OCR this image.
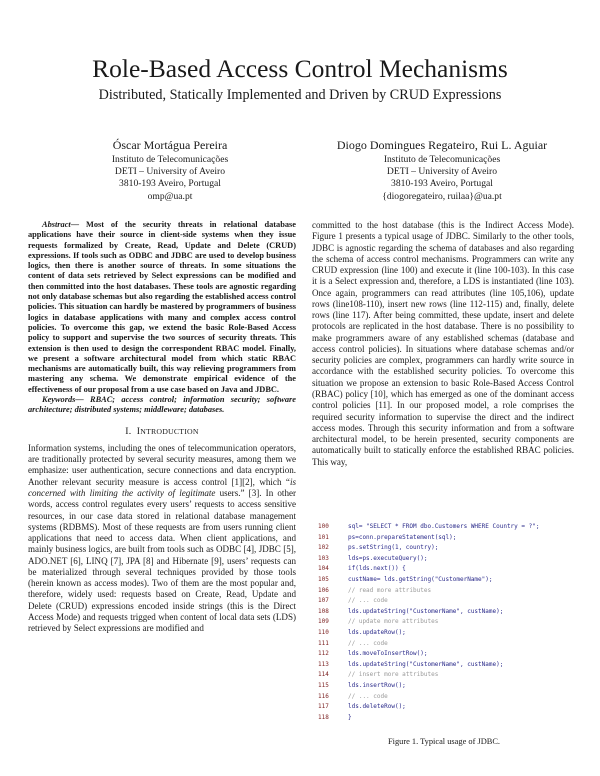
Role-Based Access Control Mechanisms
Distributed, Statically Implemented and Driven by CRUD Expressions
Óscar Mortágua Pereira
Instituto de Telecomunicações
DETI – University of Aveiro
3810-193 Aveiro, Portugal
omp@ua.pt
Diogo Domingues Regateiro, Rui L. Aguiar
Instituto de Telecomunicações
DETI – University of Aveiro
3810-193 Aveiro, Portugal
{diogoregateiro, ruilaa}@ua.pt

Abstract— Most of the security threats in relational database applications have their source in client-side systems when they issue requests formalized by Create, Read, Update and Delete (CRUD) expressions. If tools such as ODBC and JDBC are used to develop business logics, then there is another source of threats. In some situations the content of data sets retrieved by Select expressions can be modified and then committed into the host databases. These tools are agnostic regarding not only database schemas but also regarding the established access control policies. This situation can hardly be mastered by programmers of business logics in database applications with many and complex access control policies. To overcome this gap, we extend the basic Role-Based Access policy to support and supervise the two sources of security threats. This extension is then used to design the correspondent RBAC model. Finally, we present a software architectural model from which static RBAC mechanisms are automatically built, this way relieving programmers from mastering any schema. We demonstrate empirical evidence of the effectiveness of our proposal from a use case based on Java and JDBC.

Keywords— RBAC; access control; information security; software architecture; distributed systems; middleware; databases.

I. INTRODUCTION

Information systems, including the ones of telecommunication operators, are traditionally protected by several security measures, among them we emphasize: user authentication, secure connections and data encryption. Another relevant security measure is access control [1][2], which “is concerned with limiting the activity of legitimate users.” [3]. In other words, access control regulates every users’ requests to access sensitive resources, in our case data stored in relational database management systems (RDBMS). Most of these requests are from users running client applications that need to access data. When client applications, and mainly business logics, are built from tools such as ODBC [4], JDBC [5], ADO.NET [6], LINQ [7], JPA [8] and Hibernate [9], users’ requests can be materialized through several techniques provided by those tools (herein known as access modes). Two of them are the most popular and, therefore, widely used: requests based on Create, Read, Update and Delete (CRUD) expressions encoded inside strings (this is the Direct Access Mode) and requests trigged when content of local data sets (LDS) retrieved by Select expressions are modified and

committed to the host database (this is the Indirect Access Mode). Figure 1 presents a typical usage of JDBC. Similarly to the other tools, JDBC is agnostic regarding the schema of databases and also regarding the schema of access control mechanisms. Programmers can write any CRUD expression (line 100) and execute it (line 100-103). In this case it is a Select expression and, therefore, a LDS is instantiated (line 103). Once again, programmers can read attributes (line 105,106), update rows (line108-110), insert new rows (line 112-115) and, finally, delete rows (line 117). After being committed, these update, insert and delete protocols are replicated in the host database. There is no possibility to make programmers aware of any established schemas (database and access control policies). In situations where database schemas and/or security policies are complex, programmers can hardly write source in accordance with the established security policies. To overcome this situation we propose an extension to basic Role-Based Access Control (RBAC) policy [10], which has emerged as one of the dominant access control policies [11]. In our proposed model, a role comprises the required security information to supervise the direct and the indirect access modes. Through this security information and from a software architectural model, to be herein presented, security components are automatically built to statically enforce the established RBAC policies. This way,

100	sql= "SELECT * FROM dbo.Customers WHERE Country = ?";
101	ps=conn.prepareStatement(sql);
102	ps.setString(1, country);
103	lds=ps.executeQuery();
104	if(lds.next()) {
105	custName= lds.getString("CustomerName");
106	// read more attributes
107	// ... code
108	lds.updateString("CustomerName", custName);
109	// update more attributes
110	lds.updateRow();
111	// ... code
112	lds.moveToInsertRow();
113	lds.updateString("CustomerName", custName);
114	// insert more attributes
115	lds.insertRow();
116	// ... code
117	lds.deleteRow();
118	}
Figure 1. Typical usage of JDBC.
